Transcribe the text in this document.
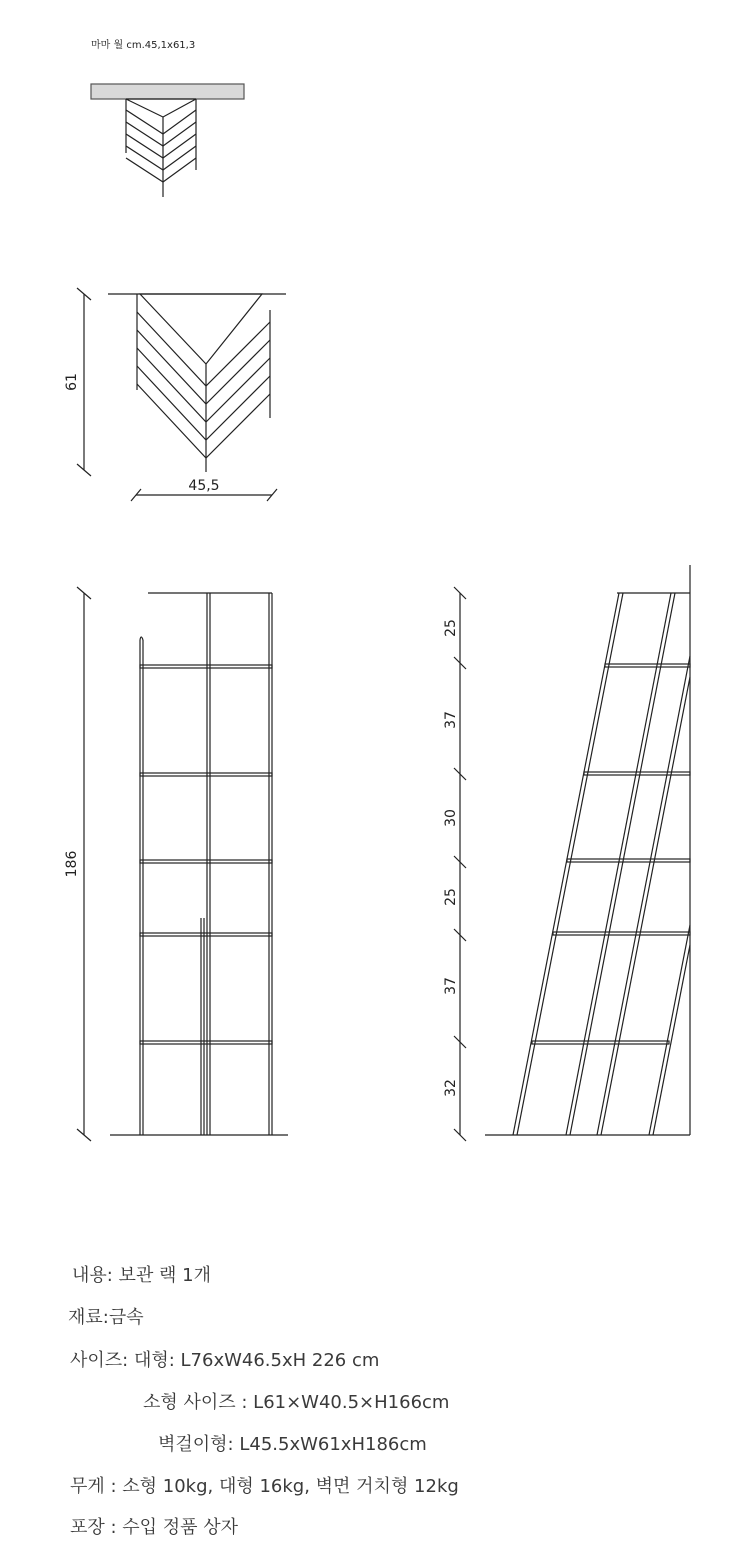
마마 월 cm.45,1x61,3
61
45,5
186
25
37
30
25
37
32
내용: 보관 랙 1개
재료:금속
사이즈: 대형: L76xW46.5xH 226 cm
소형 사이즈 : L61×W40.5×H166cm
벽걸이형: L45.5xW61xH186cm
무게 : 소형 10kg, 대형 16kg, 벽면 거치형 12kg
포장 : 수입 정품 상자
